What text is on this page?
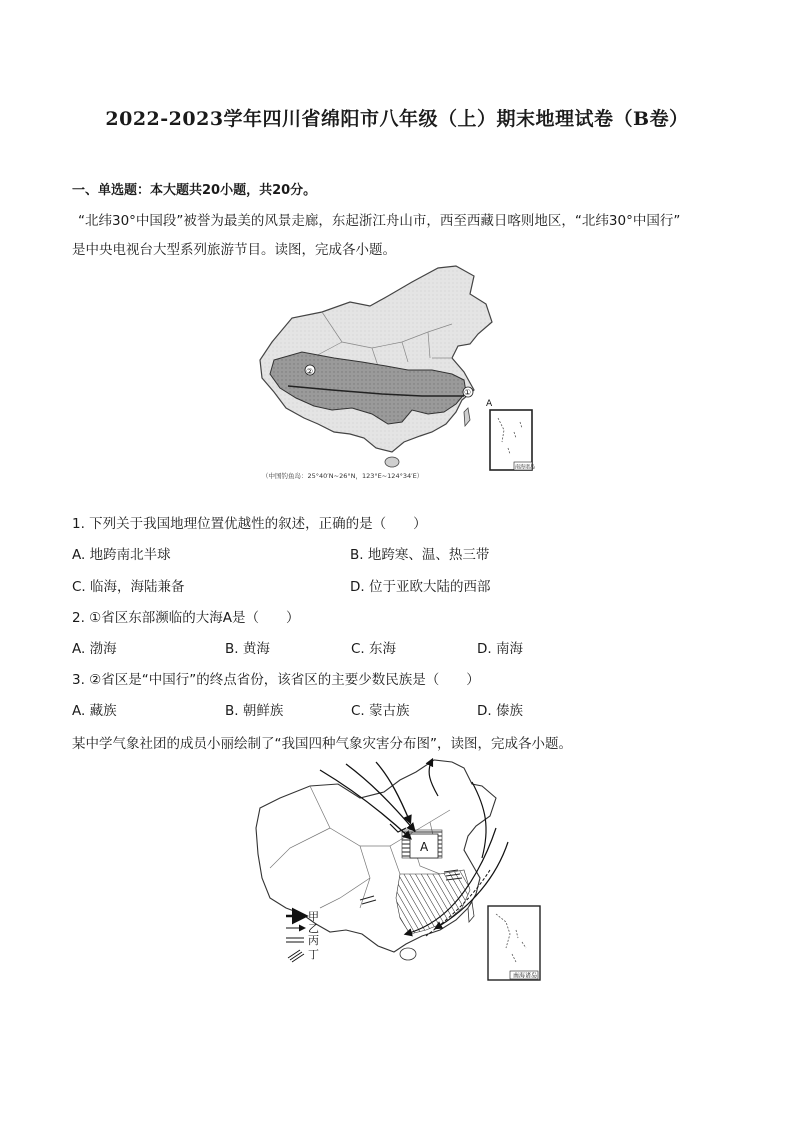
2022-2023学年四川省绵阳市八年级（上）期末地理试卷（B卷）
一、单选题：本大题共20小题，共20分。
“北纬30°中国段”被誉为最美的风景走廊，东起浙江舟山市，西至西藏日喀则地区，“北纬30°中国行”
是中央电视台大型系列旅游节目。读图，完成各小题。
②
①
A
南海诸岛
（中国钓鱼岛：25°40′N~26°N，123°E~124°34′E）
1. 下列关于我国地理位置优越性的叙述，正确的是（　　）
A. 地跨南北半球	B. 地跨寒、温、热三带
C. 临海，海陆兼备	D. 位于亚欧大陆的西部
2. ①省区东部濒临的大海A是（　　）
A. 渤海	B. 黄海	C. 东海	D. 南海
3. ②省区是“中国行”的终点省份，该省区的主要少数民族是（　　）
A. 藏族	B. 朝鲜族	C. 蒙古族	D. 傣族
某中学气象社团的成员小丽绘制了“我国四种气象灾害分布图”，读图，完成各小题。
A
南海诸岛
甲
乙
丙
丁
